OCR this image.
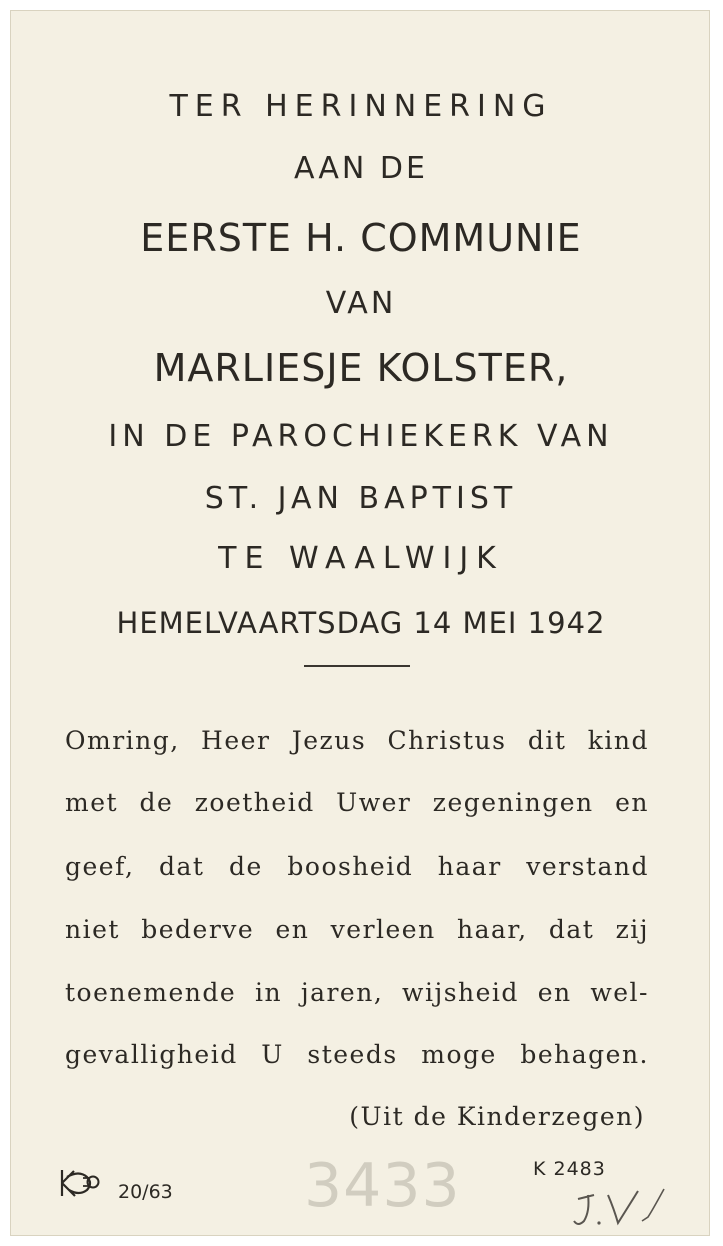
TER HERINNERING
AAN DE
EERSTE H. COMMUNIE
VAN
MARLIESJE KOLSTER,
IN DE PAROCHIEKERK VAN
ST. JAN BAPTIST
TE WAALWIJK
HEMELVAARTSDAG 14 MEI 1942
Omring, Heer Jezus Christus dit kind
met de zoetheid Uwer zegeningen en
geef, dat de boosheid haar verstand
niet bederve en verleen haar, dat zij
toenemende in jaren, wijsheid en wel-
gevalligheid U steeds moge behagen.
(Uit de Kinderzegen)
20/63 3433	K 2483
